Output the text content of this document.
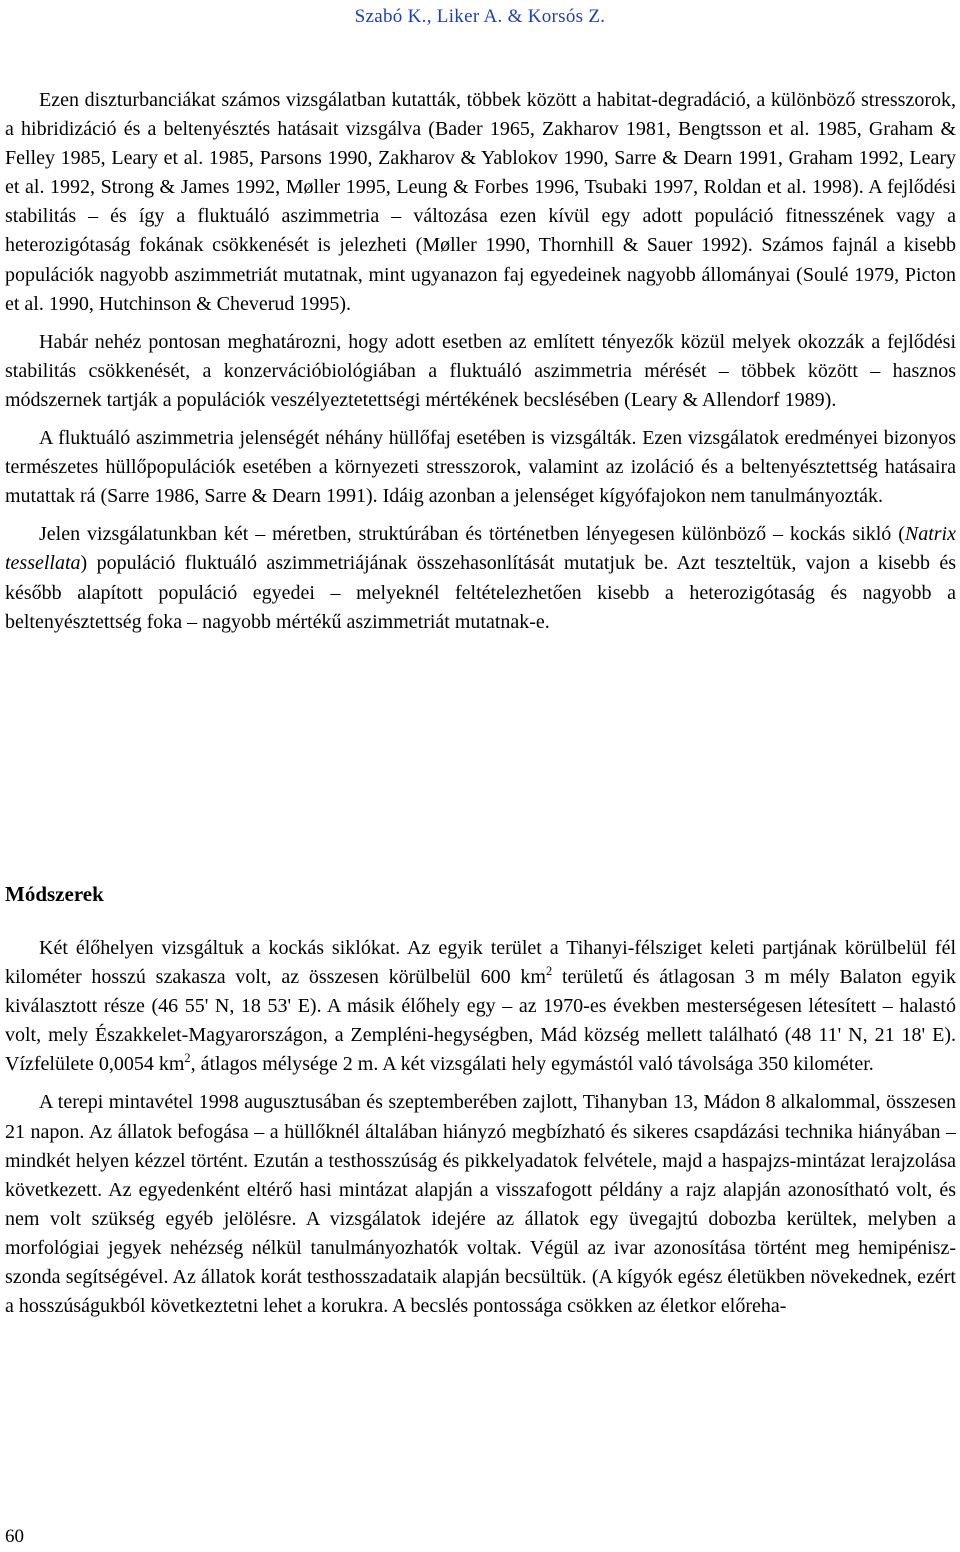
Szabó K., Liker A. & Korsós Z.

Ezen diszturbanciákat számos vizsgálatban kutatták, többek között a habitat-degradáció, a különböző stresszorok, a hibridizáció és a beltenyésztés hatásait vizsgálva (Bader 1965, Zakharov 1981, Bengtsson et al. 1985, Graham & Felley 1985, Leary et al. 1985, Parsons 1990, Zakharov & Yablokov 1990, Sarre & Dearn 1991, Graham 1992, Leary et al. 1992, Strong & James 1992, Møller 1995, Leung & Forbes 1996, Tsubaki 1997, Roldan et al. 1998). A fejlődési stabilitás – és így a fluktuáló aszimmetria – változása ezen kívül egy adott populáció fitnesszének vagy a heterozigótaság fokának csökkenését is jelezheti (Møller 1990, Thornhill & Sauer 1992). Számos fajnál a kisebb populációk nagyobb aszimmetriát mutatnak, mint ugyanazon faj egyedeinek nagyobb állományai (Soulé 1979, Picton et al. 1990, Hutchinson & Cheverud 1995).

Habár nehéz pontosan meghatározni, hogy adott esetben az említett tényezők közül melyek okozzák a fejlődési stabilitás csökkenését, a konzervációbiológiában a fluktuáló aszimmetria mérését – többek között – hasznos módszernek tartják a populációk veszélyeztetettségi mértékének becslésében (Leary & Allendorf 1989).

A fluktuáló aszimmetria jelenségét néhány hüllőfaj esetében is vizsgálták. Ezen vizsgálatok eredményei bizonyos természetes hüllőpopulációk esetében a környezeti stresszorok, valamint az izoláció és a beltenyésztettség hatásaira mutattak rá (Sarre 1986, Sarre & Dearn 1991). Idáig azonban a jelenséget kígyófajokon nem tanulmányozták.

Jelen vizsgálatunkban két – méretben, struktúrában és történetben lényegesen különböző – kockás sikló (Natrix tessellata) populáció fluktuáló aszimmetriájának összehasonlítását mutatjuk be. Azt teszteltük, vajon a kisebb és később alapított populáció egyedei – melyeknél feltételezhetően kisebb a heterozigótaság és nagyobb a beltenyésztettség foka – nagyobb mértékű aszimmetriát mutatnak-e.

Módszerek

Két élőhelyen vizsgáltuk a kockás siklókat. Az egyik terület a Tihanyi-félsziget keleti partjának körülbelül fél kilométer hosszú szakasza volt, az összesen körülbelül 600 $km^2$ területű és átlagosan 3 m mély Balaton egyik kiválasztott része (46 55' N, 18 53' E). A másik élőhely egy – az 1970-es években mesterségesen létesített – halastó volt, mely Északkelet-Magyarországon, a Zempléni-hegységben, Mád község mellett található (48 11' N, 21 18' E). Vízfelülete 0,0054 $km^2$, átlagos mélysége 2 m. A két vizsgálati hely egymástól való távolsága 350 kilométer.

A terepi mintavétel 1998 augusztusában és szeptemberében zajlott, Tihanyban 13, Mádon 8 alkalommal, összesen 21 napon. Az állatok befogása – a hüllőknél általában hiányzó megbízható és sikeres csapdázási technika hiányában – mindkét helyen kézzel történt. Ezután a testhosszúság és pikkelyadatok felvétele, majd a haspajzs-mintázat lerajzolása következett. Az egyedenként eltérő hasi mintázat alapján a visszafogott példány a rajz alapján azonosítható volt, és nem volt szükség egyéb jelölésre. A vizsgálatok idejére az állatok egy üvegajtú dobozba kerültek, melyben a morfológiai jegyek nehézség nélkül tanulmányozhatók voltak. Végül az ivar azonosítása történt meg hemipénisz-szonda segítségével. Az állatok korát testhosszadataik alapján becsültük. (A kígyók egész életükben növekednek, ezért a hosszúságukból következtetni lehet a korukra. A becslés pontossága csökken az életkor előreha-

60
